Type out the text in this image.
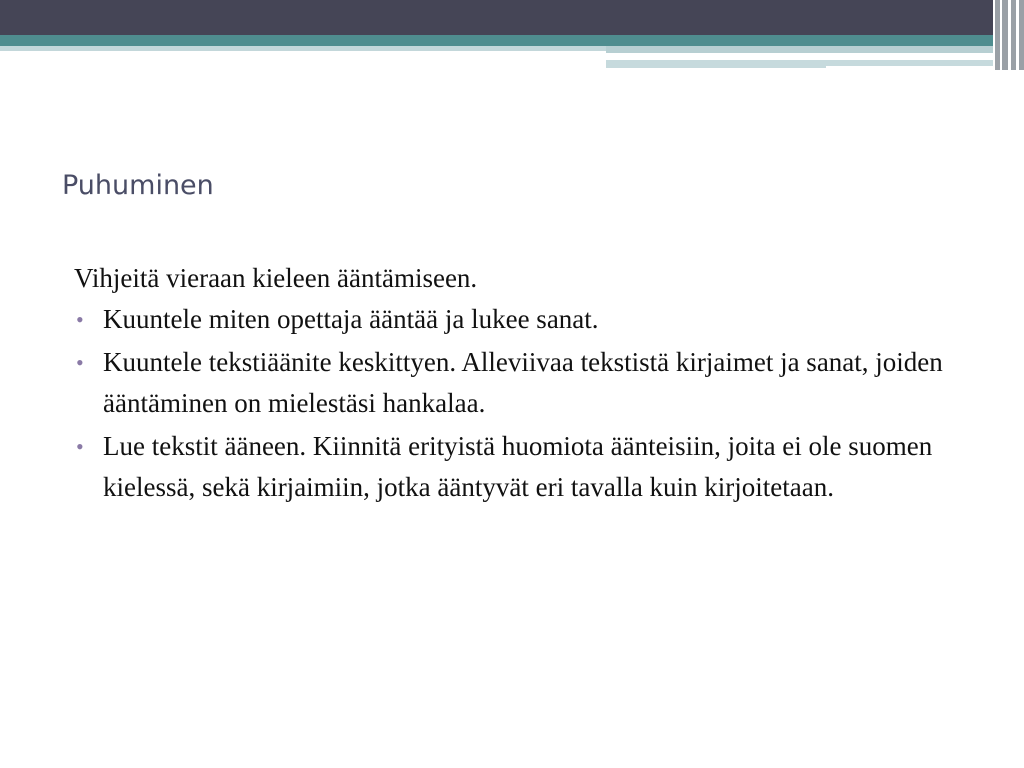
Puhuminen

Vihjeitä vieraan kieleen ääntämiseen.

• Kuuntele miten opettaja ääntää ja lukee sanat.
• Kuuntele tekstiäänite keskittyen. Alleviivaa tekstistä kirjaimet ja sanat, joiden ääntäminen on mielestäsi hankalaa.
• Lue tekstit ääneen. Kiinnitä erityistä huomiota äänteisiin, joita ei ole suomen kielessä, sekä kirjaimiin, jotka ääntyvät eri tavalla kuin kirjoitetaan.
